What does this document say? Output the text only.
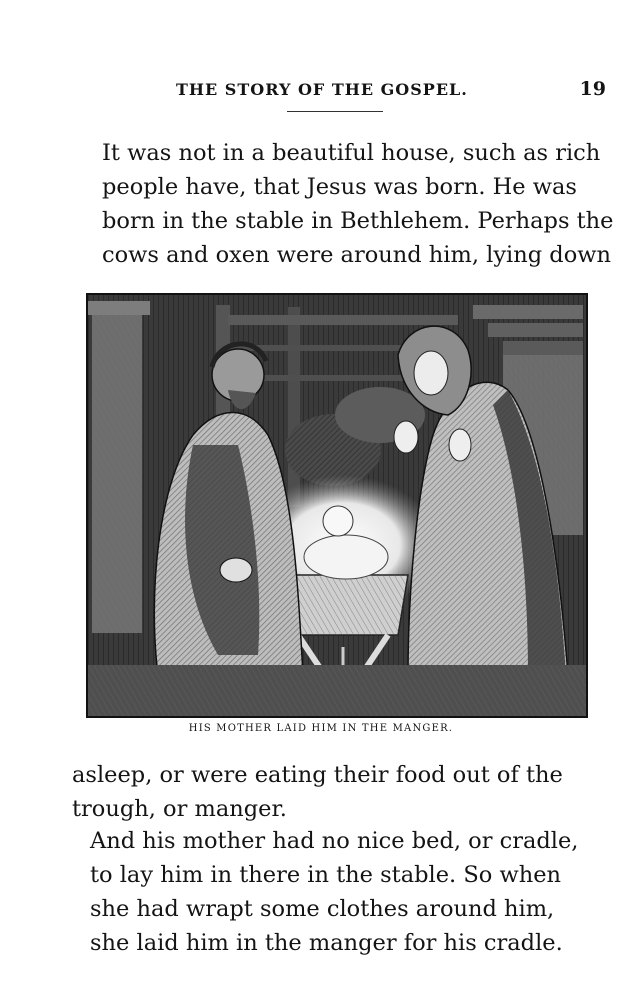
THE STORY OF THE GOSPEL.	19

It was not in a beautiful house, such as rich
people have, that Jesus was born. He was
born in the stable in Bethlehem. Perhaps the
cows and oxen were around him, lying down

HIS MOTHER LAID HIM IN THE MANGER.

asleep, or were eating their food out of the
trough, or manger.

And his mother had no nice bed, or cradle,
to lay him in there in the stable. So when
she had wrapt some clothes around him,
she laid him in the manger for his cradle.
